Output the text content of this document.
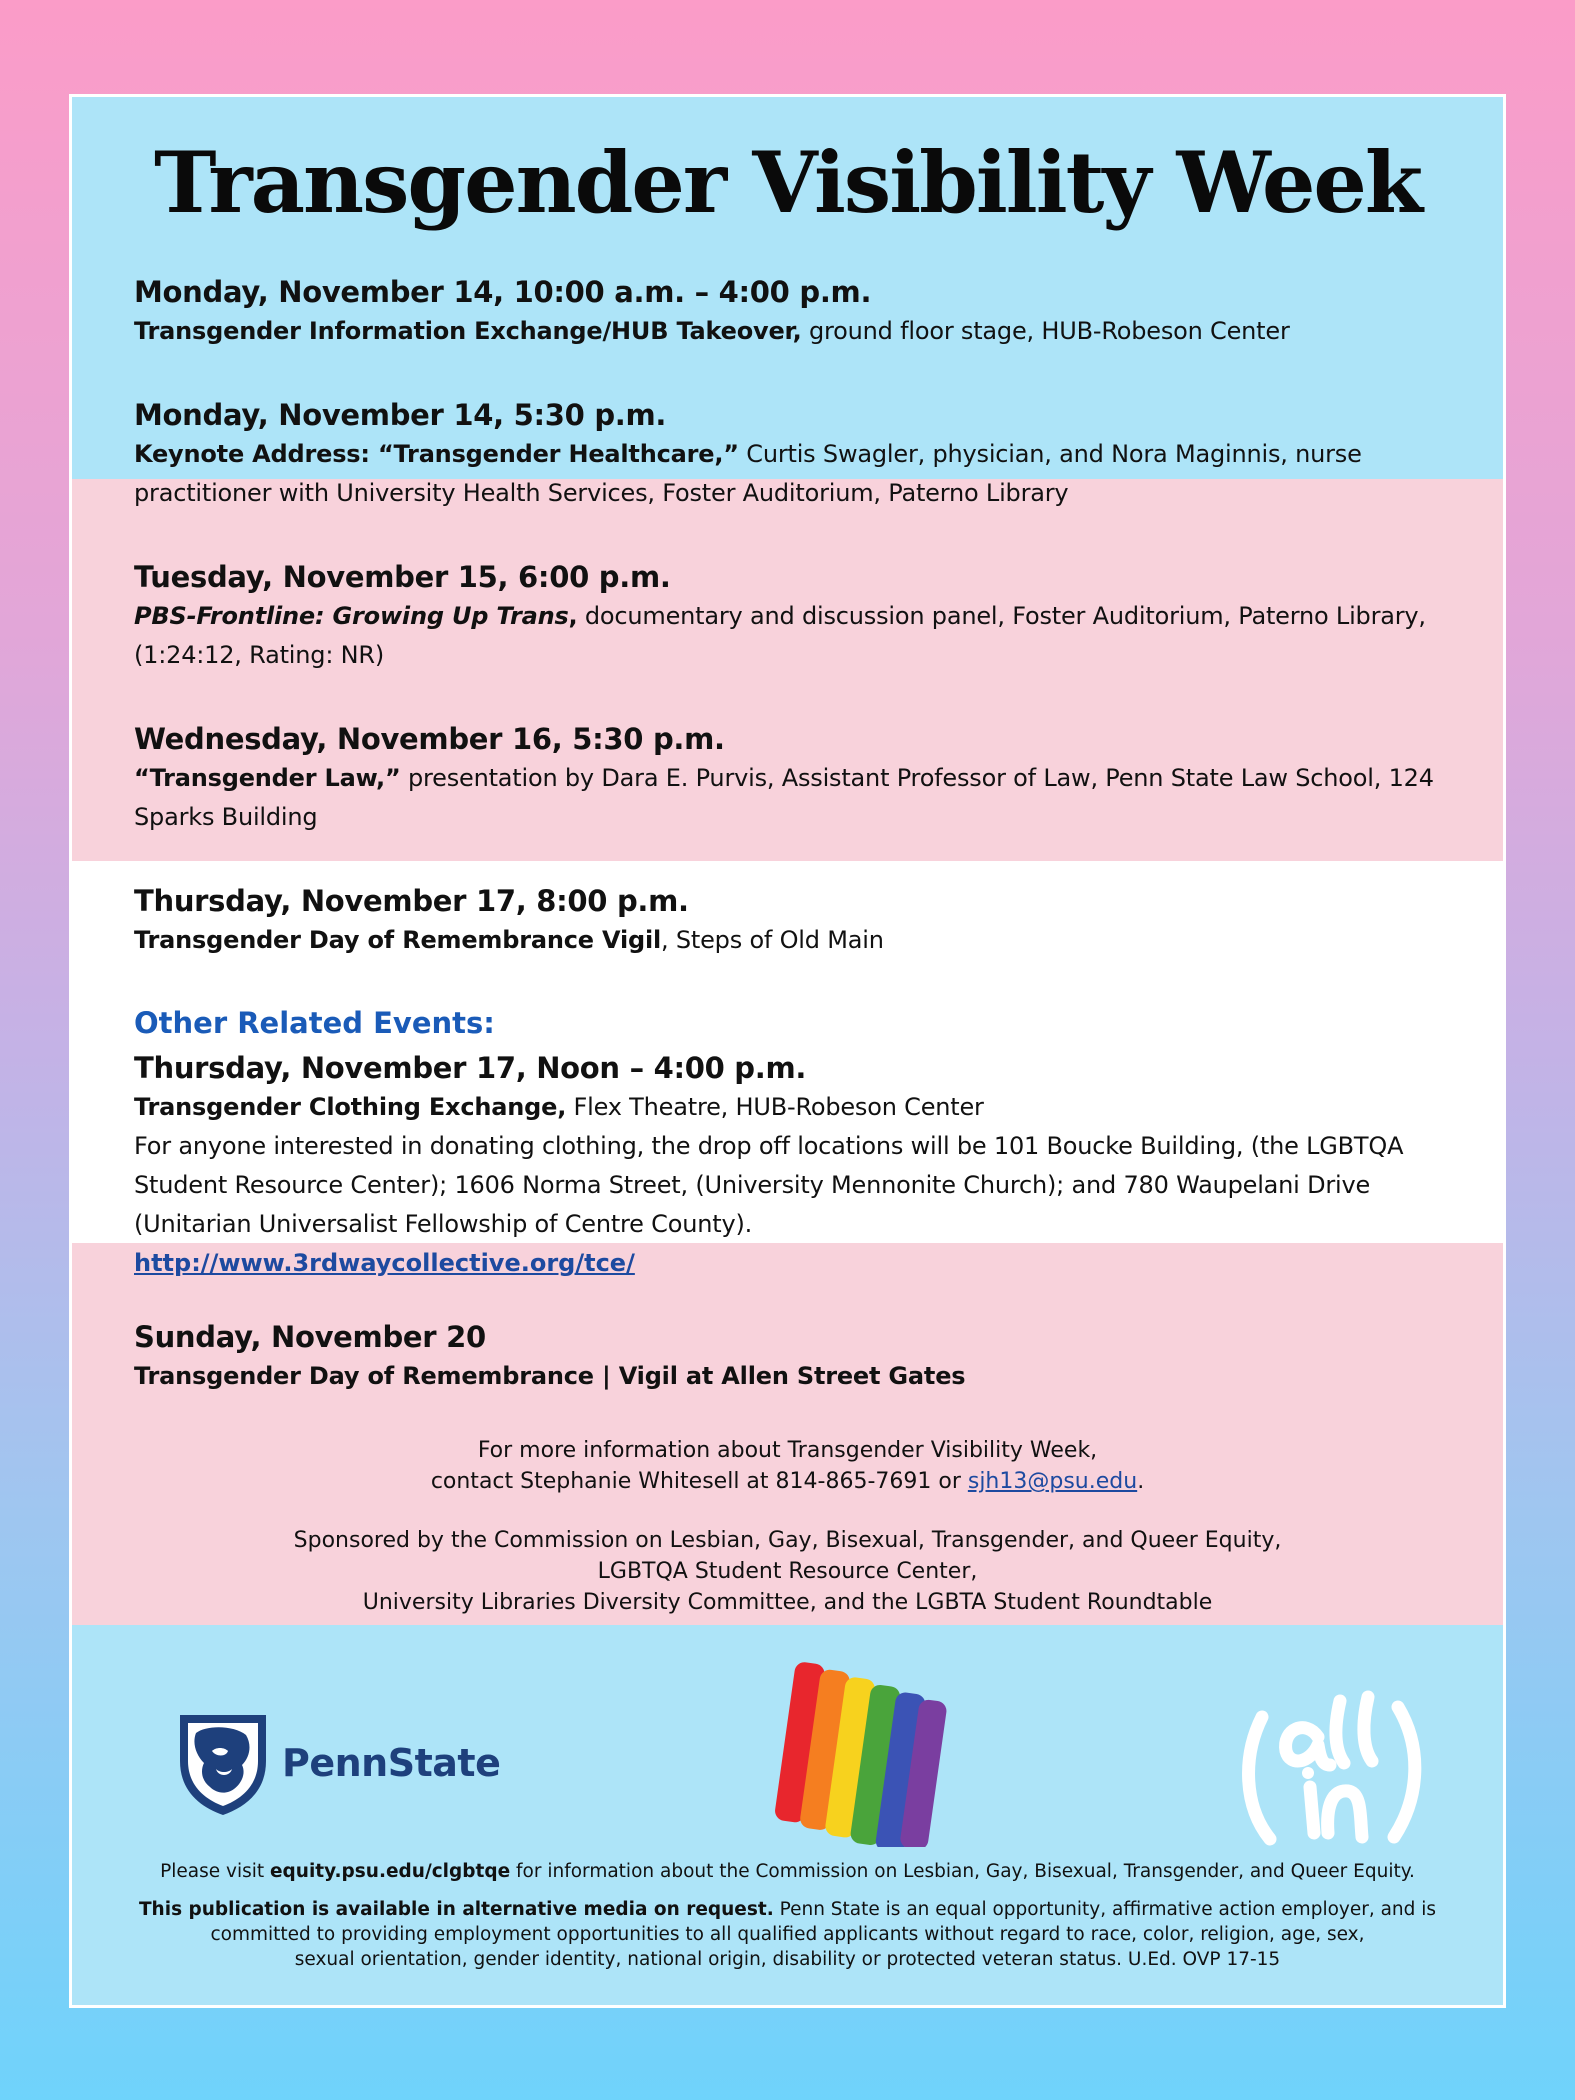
Transgender Visibility Week

Monday, November 14, 10:00 a.m. – 4:00 p.m.

Transgender Information Exchange/HUB Takeover, ground floor stage, HUB-Robeson Center

Monday, November 14, 5:30 p.m.

Keynote Address: “Transgender Healthcare,” Curtis Swagler, physician, and Nora Maginnis, nurse practitioner with University Health Services, Foster Auditorium, Paterno Library

Tuesday, November 15, 6:00 p.m.

PBS-Frontline: Growing Up Trans, documentary and discussion panel, Foster Auditorium, Paterno Library, (1:24:12, Rating: NR)

Wednesday, November 16, 5:30 p.m.

“Transgender Law,” presentation by Dara E. Purvis, Assistant Professor of Law, Penn State Law School, 124 Sparks Building

Thursday, November 17, 8:00 p.m.

Transgender Day of Remembrance Vigil, Steps of Old Main

Other Related Events:

Thursday, November 17, Noon – 4:00 p.m.

Transgender Clothing Exchange, Flex Theatre, HUB-Robeson Center

For anyone interested in donating clothing, the drop off locations will be 101 Boucke Building, (the LGBTQA Student Resource Center); 1606 Norma Street, (University Mennonite Church); and 780 Waupelani Drive (Unitarian Universalist Fellowship of Centre County).

http://www.3rdwaycollective.org/tce/

Sunday, November 20

Transgender Day of Remembrance | Vigil at Allen Street Gates

For more information about Transgender Visibility Week,

contact Stephanie Whitesell at 814-865-7691 or sjh13@psu.edu.

Sponsored by the Commission on Lesbian, Gay, Bisexual, Transgender, and Queer Equity,

LGBTQA Student Resource Center,

University Libraries Diversity Committee, and the LGBTA Student Roundtable

PennState

Please visit equity.psu.edu/clgbtqe for information about the Commission on Lesbian, Gay, Bisexual, Transgender, and Queer Equity.

This publication is available in alternative media on request. Penn State is an equal opportunity, affirmative action employer, and is

committed to providing employment opportunities to all qualified applicants without regard to race, color, religion, age, sex,

sexual orientation, gender identity, national origin, disability or protected veteran status. U.Ed. OVP 17-15
